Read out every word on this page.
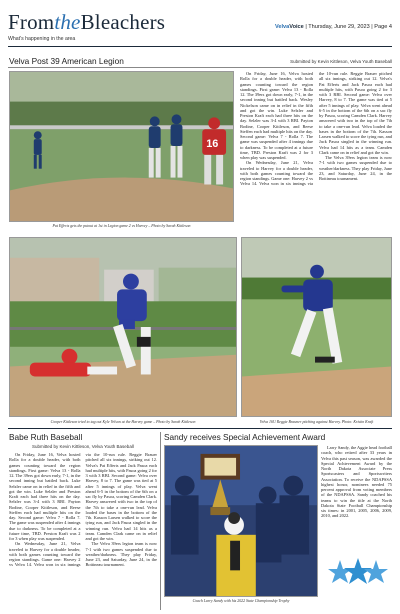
FromtheBleachers
What's happening in the area
VelvaVoice | Thursday, June 29, 2023 | Page 4
Velva Post 39 American Legion	Submitted by Kevin Kittleson, Velva Youth Baseball
16
Pat Efferts gets the putout at 1st in Legion game 2 vs Harvey – Photo by Sarah Kittleson

On Friday, June 16, Velva hosted Rolla for a double header, with both games counting toward the region standings. First game: Velva 13 - Rolla 12. The 39ers got down early, 7-1, in the second inning but battled back. Wesley Nickelson came on in relief in the fifth and got the win. Luke Selzler and Preston Kraft each had three hits on the day. Selzler was 3-4 with 3 RBI. Payton Bodine, Cooper Kittleson, and Reese Steffen each had multiple hits on the day. Second game: Velva 7 - Rolla 7. The game was suspended after 4 innings due to darkness. To be completed at a future time, TBD. Preston Kraft was 2 for 3 when play was suspended.

On Wednesday, June 21, Velva traveled to Harvey for a double header, with both games counting toward the region standings. Game one: Harvey 2 vs Velva 14. Velva won in six innings via the 10-run rule. Reggie Brauer pitched all six innings, striking out 12. Velva's Pat Efferts and Jack Pasoa each had multiple hits, with Pasoa going 2 for 3 with 3 RBI. Second game: Velva over Harvey, 8 to 7. The game was tied at 5 after 5 innings of play. Velva went ahead 6-5 in the bottom of the 6th on a sac fly by Pasoa, scoring Camden Clark. Harvey answered with two in the top of the 7th to take a one-run lead. Velva loaded the bases in the bottom of the 7th. Kasson Larsen walked to score the tying run, and Jack Pasoa singled in the winning run. Velva had 14 hits as a team. Camden Clark came on in relief and got the win.

The Velva 39ers legion team is now 7-1 with two games suspended due to weather/darkness. They play Friday, June 23, and Saturday, June 24, in the Bottineau tournament.

Cooper Kittleson tried to tag out Kyle Velson at the Harvey game – Photo by Sarah Kittleson	Velva 16U Reggie Brauner pitching against Harvey. Photo: Kristin Kraft
Babe Ruth Baseball
Submitted by Kevin Kittleson, Velva Youth Baseball

On Friday, June 16, Velva hosted Rolla for a double header, with both games counting toward the region standings. First game: Velva 13 - Rolla 12. The 39ers got down early, 7-1, in the second inning but battled back. Luke Selzler came on in relief in the fifth and got the win. Luke Selzler and Preston Kraft each had three hits on the day. Selzler was 3-4 with 3 RBI. Payton Bodine, Cooper Kittleson, and Reese Steffen each had multiple hits on the day. Second game: Velva 7 - Rolla 7. The game was suspended after 4 innings due to darkness. To be completed at a future time, TBD. Preston Kraft was 2 for 3 when play was suspended.

On Wednesday, June 21, Velva traveled to Harvey for a double header, with both games counting toward the region standings. Game one: Harvey 2 vs Velva 14. Velva won in six innings via the 10-run rule. Reggie Brauer pitched all six innings, striking out 12. Velva's Pat Efferts and Jack Pasoa each had multiple hits, with Pasoa going 2 for 3 with 3 RBI. Second game: Velva over Harvey, 8 to 7. The game was tied at 5 after 5 innings of play. Velva went ahead 6-5 in the bottom of the 6th on a sac fly by Pasoa, scoring Camden Clark. Harvey answered with two in the top of the 7th to take a one-run lead. Velva loaded the bases in the bottom of the 7th. Kasson Larsen walked to score the tying run, and Jack Pasoa singled in the winning run. Velva had 14 hits as a team. Camden Clark came on in relief and got the win.

The Velva 39ers legion team is now 7-1 with two games suspended due to weather/darkness. They play Friday, June 23, and Saturday, June 24, in the Bottineau tournament.

Sandy receives Special Achievement Award
Coach Larry Sandy with his 2022 State Championship Trophy

Larry Sandy, the Aggie head football coach, who retired after 33 years in Velva this past season, was awarded the Special Achievement Award by the North Dakota Associate Press Sportscasters and Sportswriters Association. To receive the NDAPSSA highest honor, nominees needed 75 percent approval from voting members of the NDAPSSA. Sandy coached his teams to win the title at the North Dakota State Football Championship six times: in 2001, 2005, 2006, 2009, 2010, and 2022.
